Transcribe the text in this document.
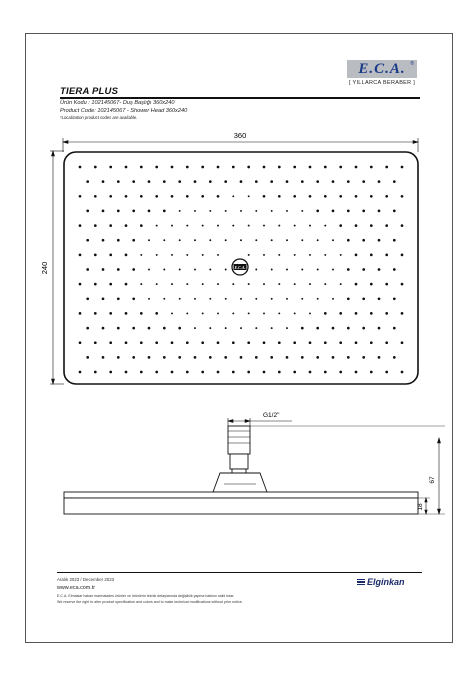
E.C.A. ®
[ YILLARCA BERABER ]
TIERA PLUS
Ürün Kodu : 102145067- Duş Başlığı 360x240
Product Code: 102145067 - Shower Head 360x240
*Localization product codes are available.
360
240	E.C.A.
G1/2"
67
18
Aralık 2023 / December 2023
www.eca.com.tr
E.C.A. Elmaslar hakan marmalades ürünler ve ürünlerin teknik detaylarında değişiklik yapma hakkını saklı tutar.
We reserve the right to alter product specification and colors and to make technical modifications without prior notice.
Elginkan
